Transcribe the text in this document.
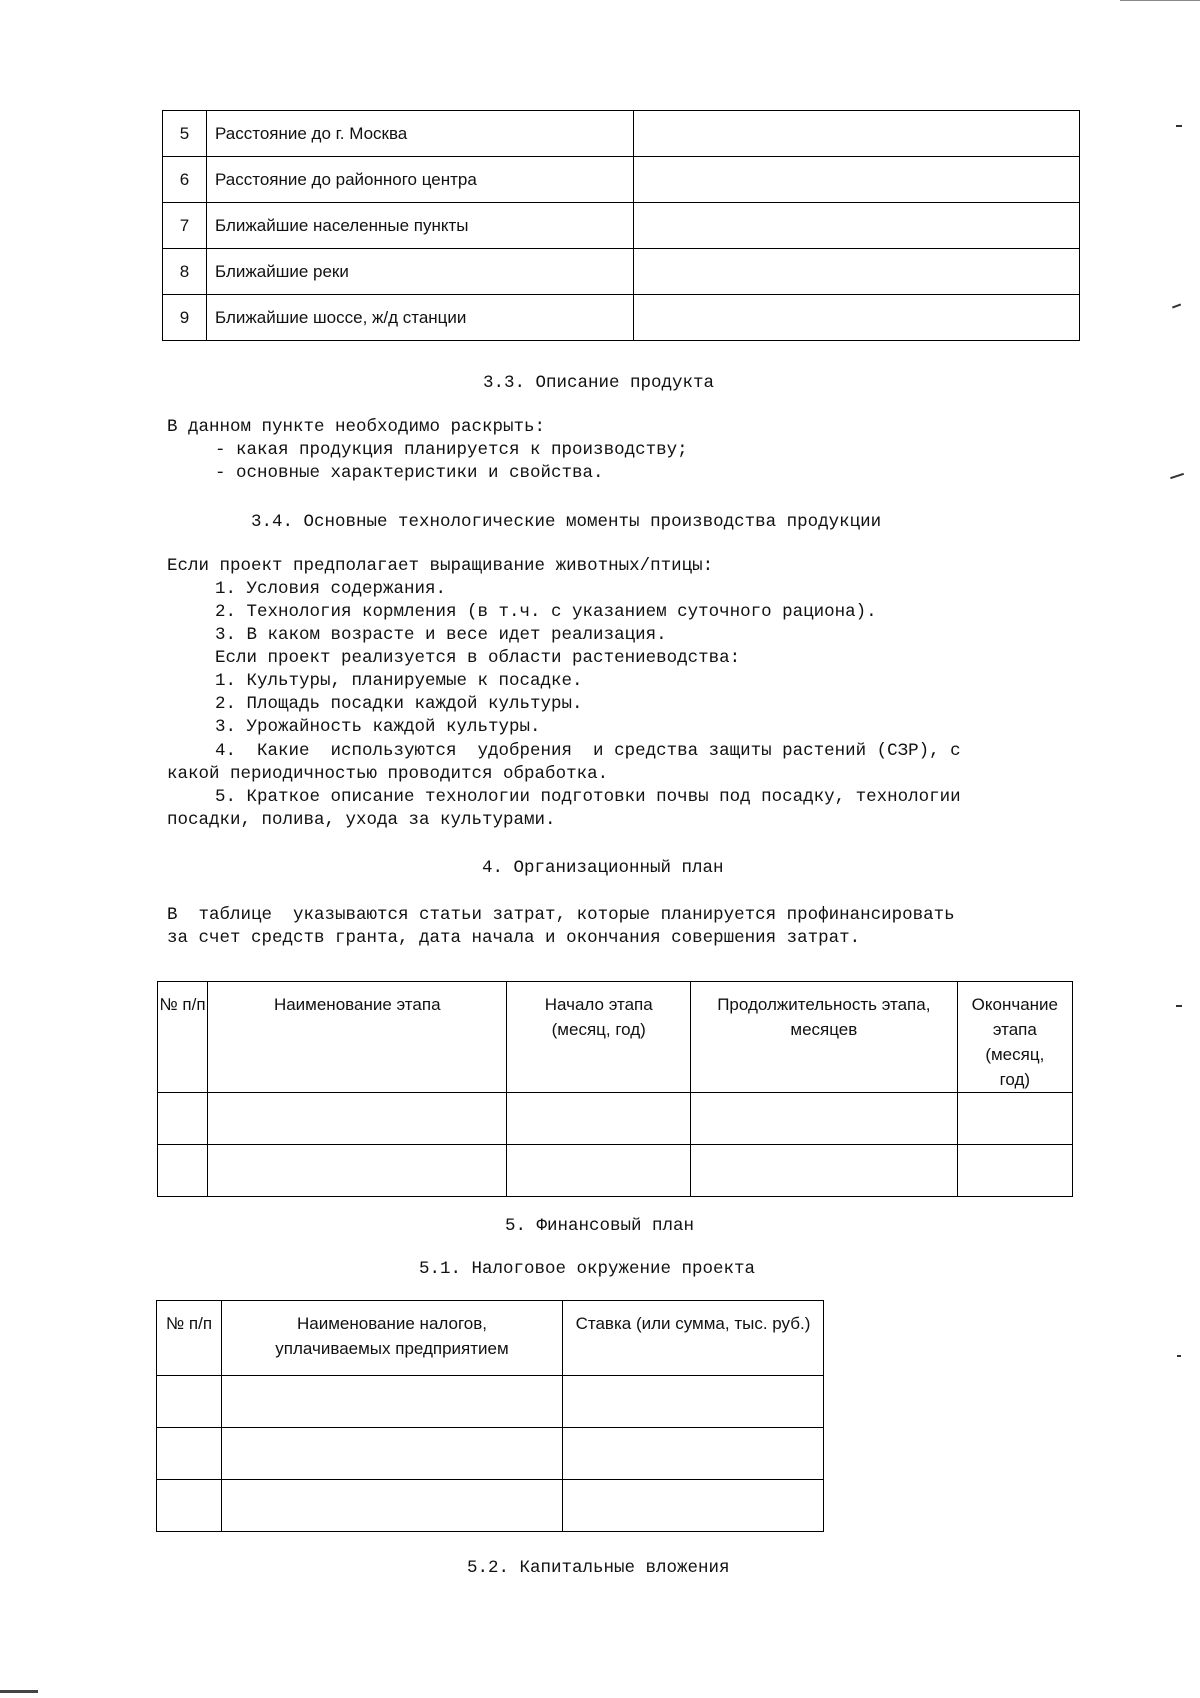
5	Расстояние до г. Москва	
6	Расстояние до районного центра	
7	Ближайшие населенные пункты	
8	Ближайшие реки	
9	Ближайшие шоссе, ж/д станции	
3.3. Описание продукта
В данном пункте необходимо раскрыть:
- какая продукция планируется к производству;
- основные характеристики и свойства.
3.4. Основные технологические моменты производства продукции
Если проект предполагает выращивание животных/птицы:
1. Условия содержания.
2. Технология кормления (в т.ч. с указанием суточного рациона).
3. В каком возрасте и весе идет реализация.
Если проект реализуется в области растениеводства:
1. Культуры, планируемые к посадке.
2. Площадь посадки каждой культуры.
3. Урожайность каждой культуры.
4.  Какие  используются  удобрения  и средства защиты растений (СЗР), с
какой периодичностью проводится обработка.
5. Краткое описание технологии подготовки почвы под посадку, технологии
посадки, полива, ухода за культурами.
4. Организационный план
В  таблице  указываются статьи затрат, которые планируется профинансировать
за счет средств гранта, дата начала и окончания совершения затрат.
№ п/п	Наименование этапа	Начало этапа (месяц, год)	Продолжительность этапа, месяцев	Окончание этапа (месяц, год)

5. Финансовый план
5.1. Налоговое окружение проекта
№ п/п	Наименование налогов, уплачиваемых предприятием	Ставка (или сумма, тыс. руб.)

5.2. Капитальные вложения
